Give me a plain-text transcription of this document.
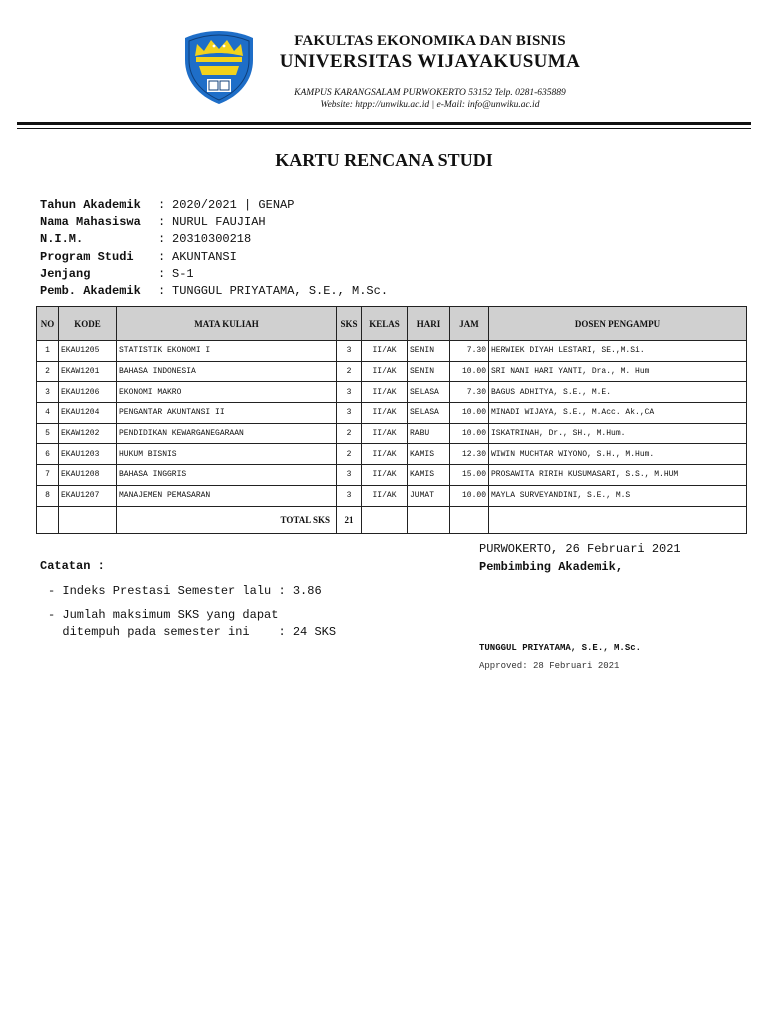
FAKULTAS EKONOMIKA DAN BISNIS
UNIVERSITAS WIJAYAKUSUMA
KAMPUS KARANGSALAM PURWOKERTO 53152 Telp. 0281-635889
Website: htpp://unwiku.ac.id | e-Mail: info@unwiku.ac.id
KARTU RENCANA STUDI
Tahun Akademik : 2020/2021 | GENAP
Nama Mahasiswa : NURUL FAUJIAH
N.I.M.	: 20310300218
Program Studi : AKUNTANSI
Jenjang	: S-1
Pemb. Akademik : TUNGGUL PRIYATAMA, S.E., M.Sc.
NO	KODE	MATA KULIAH	SKS	KELAS	HARI	JAM	DOSEN PENGAMPU
1	EKAU1205	STATISTIK EKONOMI I	3	II/AK	SENIN	7.30	HERWIEK DIYAH LESTARI, SE.,M.Si.
2	EKAW1201	BAHASA INDONESIA	2	II/AK	SENIN	10.00	SRI NANI HARI YANTI, Dra., M. Hum
3	EKAU1206	EKONOMI MAKRO	3	II/AK	SELASA	7.30	BAGUS ADHITYA, S.E., M.E.
4	EKAU1204	PENGANTAR AKUNTANSI II	3	II/AK	SELASA	10.00	MINADI WIJAYA, S.E., M.Acc. Ak.,CA
5	EKAW1202	PENDIDIKAN KEWARGANEGARAAN	2	II/AK	RABU	10.00	ISKATRINAH, Dr., SH., M.Hum.
6	EKAU1203	HUKUM BISNIS	2	II/AK	KAMIS	12.30	WIWIN MUCHTAR WIYONO, S.H., M.Hum.
7	EKAU1208	BAHASA INGGRIS	3	II/AK	KAMIS	15.00	PROSAWITA RIRIH KUSUMASARI, S.S., M.HUM
8	EKAU1207	MANAJEMEN PEMASARAN	3	II/AK	JUMAT	10.00	MAYLA SURVEYANDINI, S.E., M.S
		TOTAL SKS	21				
Catatan :
- Indeks Prestasi Semester lalu : 3.86
- Jumlah maksimum SKS yang dapat
ditempuh pada semester ini    : 24 SKS
PURWOKERTO, 26 Februari 2021
Pembimbing Akademik,
TUNGGUL PRIYATAMA, S.E., M.Sc.
Approved: 28 Februari 2021
